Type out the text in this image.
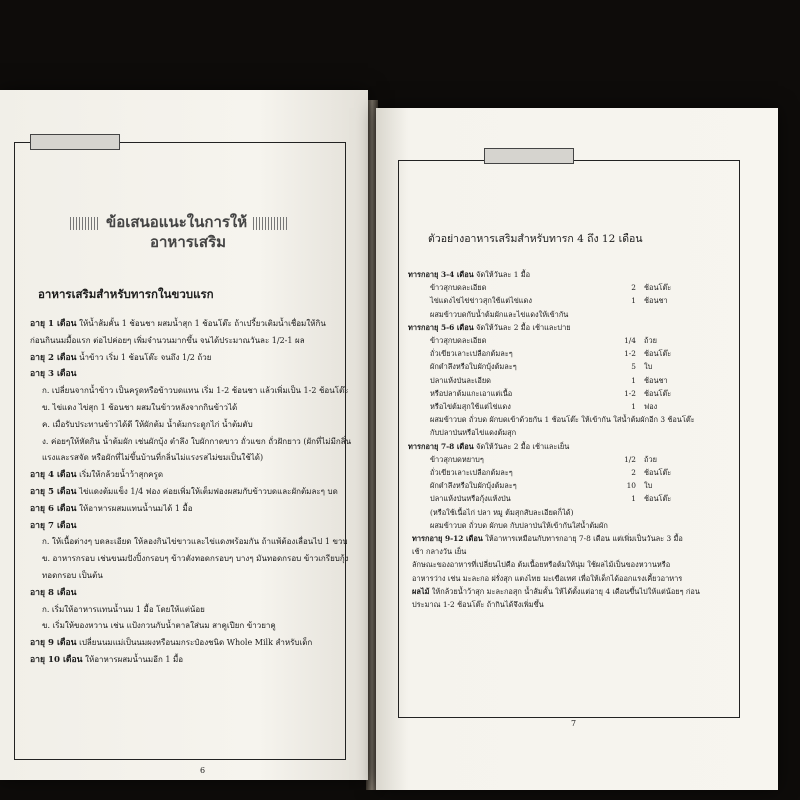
ข้อเสนอแนะในการให้
อาหารเสริม
อาหารเสริมสำหรับทารกในขวบแรก
อายุ 1 เดือน ให้น้ำส้มคั้น 1 ช้อนชา ผสมน้ำสุก 1 ช้อนโต๊ะ ถ้าเปรี้ยวเติมน้ำเชื่อมให้กิน
ก่อนกินนมมื้อแรก ต่อไปค่อยๆ เพิ่มจำนวนมากขึ้น จนได้ประมาณวันละ 1/2-1 ผล
อายุ 2 เดือน น้ำข้าว เริ่ม 1 ช้อนโต๊ะ จนถึง 1/2 ถ้วย
อายุ 3 เดือน
ก. เปลี่ยนจากน้ำข้าว เป็นครูดหรือข้าวบดแทน เริ่ม 1-2 ช้อนชา แล้วเพิ่มเป็น 1-2 ช้อนโต๊ะ
ข. ไข่แดง ไข่สุก 1 ช้อนชา ผสมในข้าวหลังจากกินข้าวได้
ค. เมื่อรับประทานข้าวได้ดี ให้ผักต้ม น้ำต้มกระดูกไก่ น้ำต้มตับ
ง. ค่อยๆให้หัดกิน น้ำต้มผัก เช่นผักบุ้ง ตำลึง ใบผักกาดขาว ถั่วแขก ถั่วฝักยาว (ผักที่ไม่มีกลิ่น
แรงและรสจัด หรือผักที่ไม่ขึ้นบ้านที่กลิ่นไม่แรงรสไม่ขมเป็นใช้ได้)
อายุ 4 เดือน เริ่มให้กล้วยน้ำว้าสุกครูด
อายุ 5 เดือน ไข่แดงต้มแข็ง 1/4 ฟอง ค่อยเพิ่มให้เต็มฟองผสมกับข้าวบดและผักต้มละๆ บด
อายุ 6 เดือน ให้อาหารผสมแทนน้ำนมได้ 1 มื้อ
อายุ 7 เดือน
ก. ให้เนื้อต่างๆ บดละเอียด ให้ลองกินไข่ขาวและไข่แดงพร้อมกัน ถ้าแพ้ต้องเลื่อนไป 1 ขวบ
ข. อาหารกรอบ เช่นขนมปังปิ้งกรอบๆ ข้าวตังทอดกรอบๆ บางๆ มันทอดกรอบ ข้าวเกรียบกุ้ง
ทอดกรอบ เป็นต้น
อายุ 8 เดือน
ก. เริ่มให้อาหารแทนน้ำนม 1 มื้อ โดยให้แต่น้อย
ข. เริ่มให้ของหวาน เช่น แป้งกวนกับน้ำตาลใส่นม สาคูเปียก ข้าวยาคู
อายุ 9 เดือน เปลี่ยนนมแม่เป็นนมผงหรือนมกระป๋องชนิด Whole Milk สำหรับเด็ก
อายุ 10 เดือน ให้อาหารผสมน้ำนมอีก 1 มื้อ
6
ตัวอย่างอาหารเสริมสำหรับทารก 4 ถึง 12 เดือน
ทารกอายุ 3-4 เดือน จัดให้วันละ 1 มื้อ
ข้าวสุกบดละเอียด	2	ช้อนโต๊ะ
ไข่แดงไข่ไข่ข่าวสุกใช้แต่ไข่แดง	1	ช้อนชา
ผสมข้าวบดกับน้ำต้มผักและไข่แดงให้เข้ากัน
ทารกอายุ 5-6 เดือน จัดให้วันละ 2 มื้อ เช้าและบ่าย
ข้าวสุกบดละเอียด	1/4	ถ้วย
ถั่วเขียวเลาะเปลือกต้มละๆ	1-2	ช้อนโต๊ะ
ผักตำลึงหรือใบผักบุ้งต้มละๆ	5	ใบ
ปลาแห้งป่นละเอียด	1	ช้อนชา
หรือปลาต้มแกะเอาแต่เนื้อ	1-2	ช้อนโต๊ะ
หรือไข่ต้มสุกใช้แต่ไข่แดง	1	ฟอง
ผสมข้าวบด ถั่วบด ผักบดเข้าด้วยกัน 1 ช้อนโต๊ะ ให้เข้ากัน ใส่น้ำต้มผักอีก 3 ช้อนโต๊ะ
กับปลาป่นหรือไข่แดงต้มสุก
ทารกอายุ 7-8 เดือน จัดให้วันละ 2 มื้อ เช้าและเย็น
ข้าวสุกบดหยาบๆ	1/2	ถ้วย
ถั่วเขียวเลาะเปลือกต้มละๆ	2	ช้อนโต๊ะ
ผักตำลึงหรือใบผักบุ้งต้มละๆ	10	ใบ
ปลาแห้งป่นหรือกุ้งแห้งป่น	1	ช้อนโต๊ะ
(หรือใช้เนื้อไก่ ปลา หมู ต้มสุกสับละเอียดก็ได้)
ผสมข้าวบด ถั่วบด ผักบด กับปลาป่นให้เข้ากันใส่น้ำต้มผัก
ทารกอายุ 9-12 เดือน ให้อาหารเหมือนกับทารกอายุ 7-8 เดือน แต่เพิ่มเป็นวันละ 3 มื้อ
เช้า กลางวัน เย็น
ลักษณะของอาหารที่เปลี่ยนไปคือ ต้มเนื้อยหรือต้มให้นุ่ม ใช้ผลไม้เป็นของหวานหรือ
อาหารว่าง เช่น มะละกอ ฝรั่งสุก แตงไทย มะเขือเทศ เพื่อให้เด็กได้ออกแรงเคี้ยวอาหาร
ผลไม้ ให้กล้วยน้ำว้าสุก มะละกอสุก น้ำส้มคั้น ให้ได้ตั้งแต่อายุ 4 เดือนขึ้นไปให้แต่น้อยๆ ก่อน
ประมาณ 1-2 ช้อนโต๊ะ ถ้ากินได้จึงเพิ่มขึ้น
7
